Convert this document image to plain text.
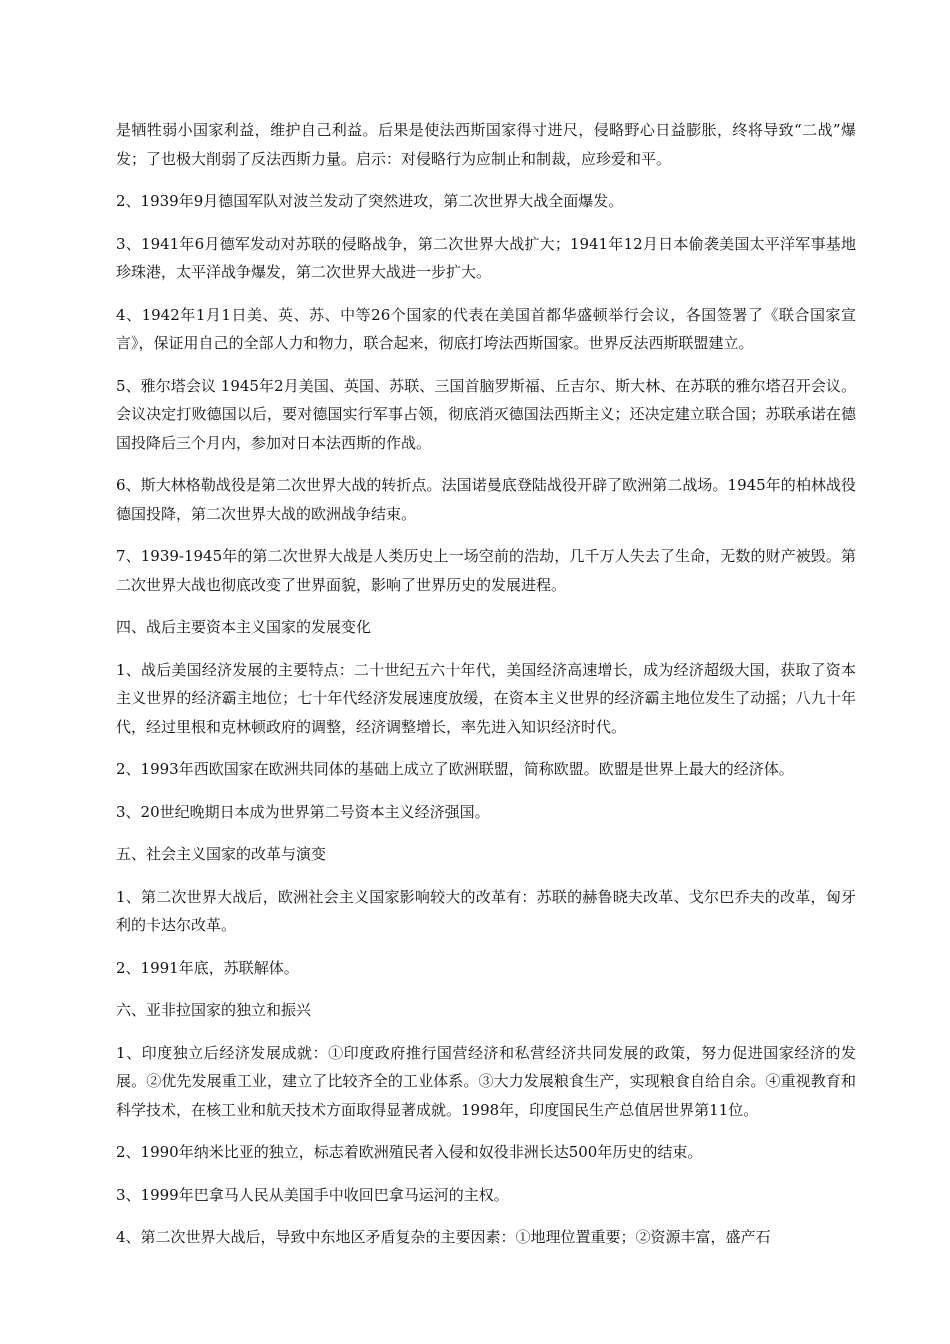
是牺牲弱小国家利益，维护自己利益。后果是使法西斯国家得寸进尺，侵略野心日益膨胀，终将导致“二战”爆发；了也极大削弱了反法西斯力量。启示：对侵略行为应制止和制裁，应珍爱和平。

2、1939年9月德国军队对波兰发动了突然进攻，第二次世界大战全面爆发。

3、1941年6月德军发动对苏联的侵略战争，第二次世界大战扩大；1941年12月日本偷袭美国太平洋军事基地珍珠港，太平洋战争爆发，第二次世界大战进一步扩大。

4、1942年1月1日美、英、苏、中等26个国家的代表在美国首都华盛顿举行会议，各国签署了《联合国家宣言》，保证用自己的全部人力和物力，联合起来，彻底打垮法西斯国家。世界反法西斯联盟建立。

5、雅尔塔会议 1945年2月美国、英国、苏联、三国首脑罗斯福、丘吉尔、斯大林、在苏联的雅尔塔召开会议。会议决定打败德国以后，要对德国实行军事占领，彻底消灭德国法西斯主义；还决定建立联合国；苏联承诺在德国投降后三个月内，参加对日本法西斯的作战。

6、斯大林格勒战役是第二次世界大战的转折点。法国诺曼底登陆战役开辟了欧洲第二战场。1945年的柏林战役德国投降，第二次世界大战的欧洲战争结束。

7、1939-1945年的第二次世界大战是人类历史上一场空前的浩劫，几千万人失去了生命，无数的财产被毁。第二次世界大战也彻底改变了世界面貌，影响了世界历史的发展进程。

四、战后主要资本主义国家的发展变化

1、战后美国经济发展的主要特点：二十世纪五六十年代，美国经济高速增长，成为经济超级大国，获取了资本主义世界的经济霸主地位；七十年代经济发展速度放缓，在资本主义世界的经济霸主地位发生了动摇；八九十年代，经过里根和克林顿政府的调整，经济调整增长，率先进入知识经济时代。

2、1993年西欧国家在欧洲共同体的基础上成立了欧洲联盟，简称欧盟。欧盟是世界上最大的经济体。

3、20世纪晚期日本成为世界第二号资本主义经济强国。

五、社会主义国家的改革与演变

1、第二次世界大战后，欧洲社会主义国家影响较大的改革有：苏联的赫鲁晓夫改革、戈尔巴乔夫的改革，匈牙利的卡达尔改革。

2、1991年底，苏联解体。

六、亚非拉国家的独立和振兴

1、印度独立后经济发展成就：①印度政府推行国营经济和私营经济共同发展的政策，努力促进国家经济的发展。②优先发展重工业，建立了比较齐全的工业体系。③大力发展粮食生产，实现粮食自给自余。④重视教育和科学技术，在核工业和航天技术方面取得显著成就。1998年，印度国民生产总值居世界第11位。

2、1990年纳米比亚的独立，标志着欧洲殖民者入侵和奴役非洲长达500年历史的结束。

3、1999年巴拿马人民从美国手中收回巴拿马运河的主权。

4、第二次世界大战后，导致中东地区矛盾复杂的主要因素：①地理位置重要；②资源丰富，盛产石
